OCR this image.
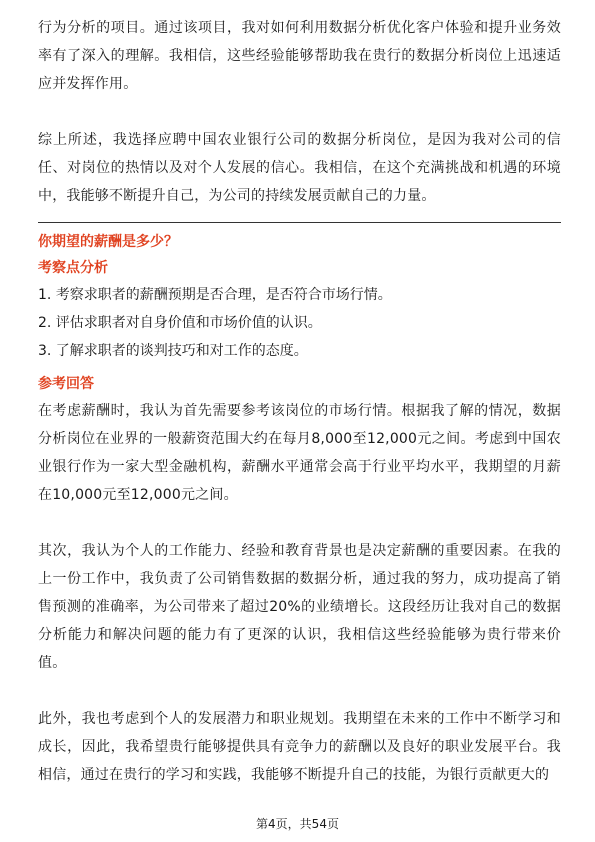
行为分析的项目。通过该项目，我对如何利用数据分析优化客户体验和提升业务效率有了深入的理解。我相信，这些经验能够帮助我在贵行的数据分析岗位上迅速适应并发挥作用。

综上所述，我选择应聘中国农业银行公司的数据分析岗位，是因为我对公司的信任、对岗位的热情以及对个人发展的信心。我相信，在这个充满挑战和机遇的环境中，我能够不断提升自己，为公司的持续发展贡献自己的力量。

你期望的薪酬是多少？

考察点分析

1. 考察求职者的薪酬预期是否合理，是否符合市场行情。

2. 评估求职者对自身价值和市场价值的认识。

3. 了解求职者的谈判技巧和对工作的态度。

参考回答

在考虑薪酬时，我认为首先需要参考该岗位的市场行情。根据我了解的情况，数据分析岗位在业界的一般薪资范围大约在每月8,000至12,000元之间。考虑到中国农业银行作为一家大型金融机构，薪酬水平通常会高于行业平均水平，我期望的月薪在10,000元至12,000元之间。

其次，我认为个人的工作能力、经验和教育背景也是决定薪酬的重要因素。在我的上一份工作中，我负责了公司销售数据的数据分析，通过我的努力，成功提高了销售预测的准确率，为公司带来了超过20%的业绩增长。这段经历让我对自己的数据分析能力和解决问题的能力有了更深的认识，我相信这些经验能够为贵行带来价值。

此外，我也考虑到个人的发展潜力和职业规划。我期望在未来的工作中不断学习和成长，因此，我希望贵行能够提供具有竞争力的薪酬以及良好的职业发展平台。我相信，通过在贵行的学习和实践，我能够不断提升自己的技能，为银行贡献更大的

第4页，共54页
